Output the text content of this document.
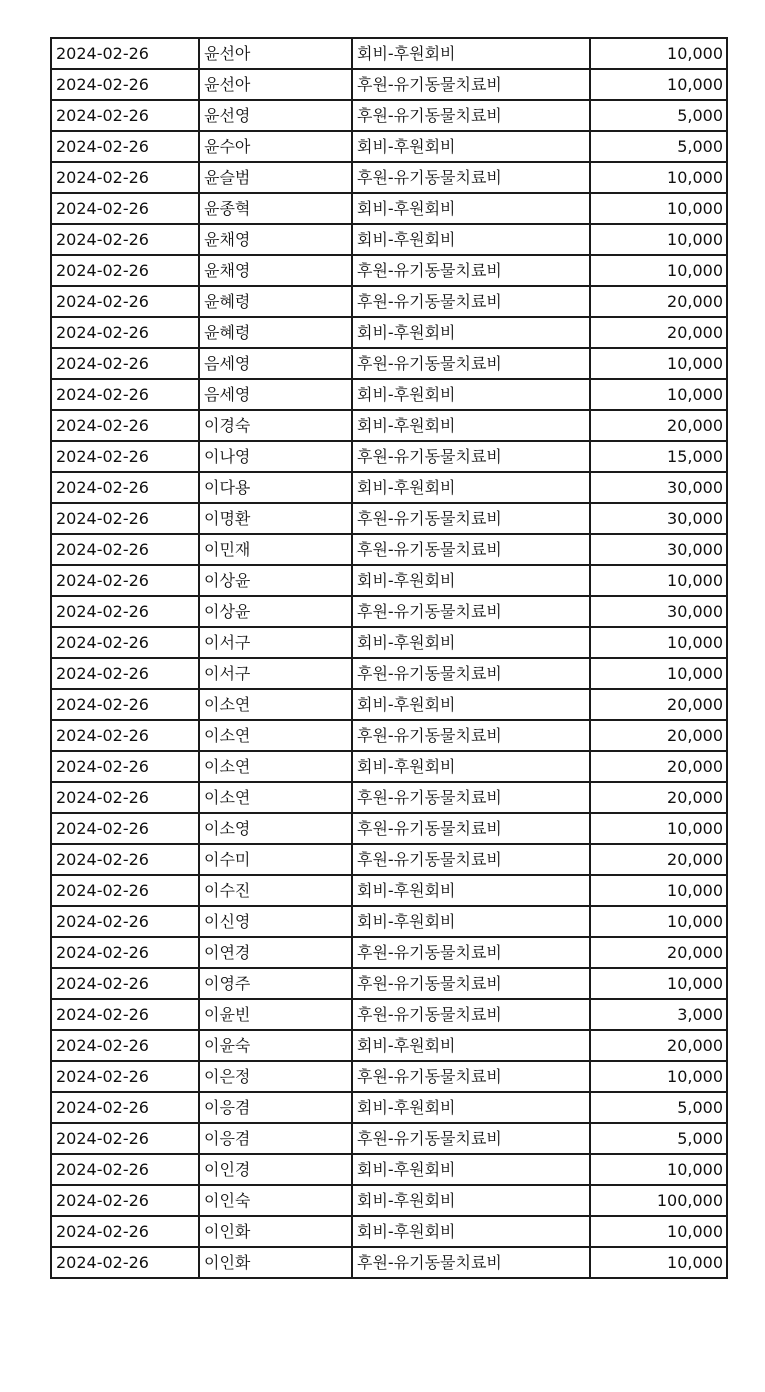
2024-02-26	윤선아	회비-후원회비	10,000
2024-02-26	윤선아	후원-유기동물치료비	10,000
2024-02-26	윤선영	후원-유기동물치료비	5,000
2024-02-26	윤수아	회비-후원회비	5,000
2024-02-26	윤슬범	후원-유기동물치료비	10,000
2024-02-26	윤종혁	회비-후원회비	10,000
2024-02-26	윤채영	회비-후원회비	10,000
2024-02-26	윤채영	후원-유기동물치료비	10,000
2024-02-26	윤혜령	후원-유기동물치료비	20,000
2024-02-26	윤혜령	회비-후원회비	20,000
2024-02-26	음세영	후원-유기동물치료비	10,000
2024-02-26	음세영	회비-후원회비	10,000
2024-02-26	이경숙	회비-후원회비	20,000
2024-02-26	이나영	후원-유기동물치료비	15,000
2024-02-26	이다용	회비-후원회비	30,000
2024-02-26	이명환	후원-유기동물치료비	30,000
2024-02-26	이민재	후원-유기동물치료비	30,000
2024-02-26	이상윤	회비-후원회비	10,000
2024-02-26	이상윤	후원-유기동물치료비	30,000
2024-02-26	이서구	회비-후원회비	10,000
2024-02-26	이서구	후원-유기동물치료비	10,000
2024-02-26	이소연	회비-후원회비	20,000
2024-02-26	이소연	후원-유기동물치료비	20,000
2024-02-26	이소연	회비-후원회비	20,000
2024-02-26	이소연	후원-유기동물치료비	20,000
2024-02-26	이소영	후원-유기동물치료비	10,000
2024-02-26	이수미	후원-유기동물치료비	20,000
2024-02-26	이수진	회비-후원회비	10,000
2024-02-26	이신영	회비-후원회비	10,000
2024-02-26	이연경	후원-유기동물치료비	20,000
2024-02-26	이영주	후원-유기동물치료비	10,000
2024-02-26	이윤빈	후원-유기동물치료비	3,000
2024-02-26	이윤숙	회비-후원회비	20,000
2024-02-26	이은정	후원-유기동물치료비	10,000
2024-02-26	이응겸	회비-후원회비	5,000
2024-02-26	이응겸	후원-유기동물치료비	5,000
2024-02-26	이인경	회비-후원회비	10,000
2024-02-26	이인숙	회비-후원회비	100,000
2024-02-26	이인화	회비-후원회비	10,000
2024-02-26	이인화	후원-유기동물치료비	10,000
